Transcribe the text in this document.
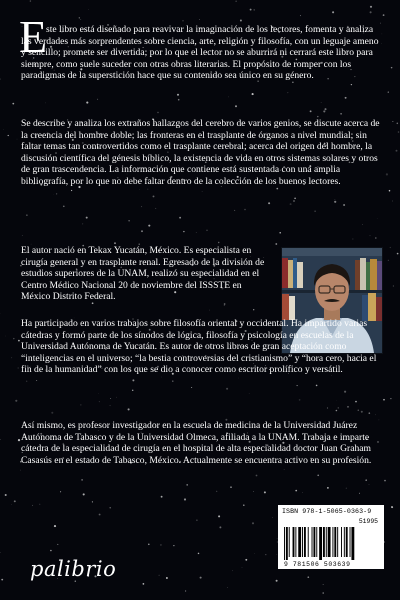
E

ste libro está diseñado para reavivar la imaginación de los lectores, fomenta y analiza las verdades más sorprendentes sobre ciencia, arte, religión y filosofía, con un leguaje ameno y sencillo; promete ser divertida; por lo que el lector no se aburrirá ni cerrará este libro para siempre, como suele suceder con otras obras literarias. El propósito de romper con los paradigmas de la superstición hace que su contenido sea único en su género.

Se describe y analiza los extraños hallazgos del cerebro de varios genios, se discute acerca de la creencia del hombre doble; las fronteras en el trasplante de órganos a nivel mundial; sin faltar temas tan controvertidos como el trasplante cerebral; acerca del origen del hombre, la discusión científica del génesis bíblico, la existencia de vida en otros sistemas solares y otros de gran trascendencia. La información que contiene está sustentada con una amplia bibliografía, por lo que no debe faltar dentro de la colección de los buenos lectores.

El autor nació en Tekax Yucatán, México. Es especialista en cirugía general y en trasplante renal. Egresado de la división de estudios superiores de la UNAM, realizó su especialidad en el Centro Médico Nacional 20 de noviembre del ISSSTE en México Distrito Federal.

Ha participado en varios trabajos sobre filosofía oriental y occidental. Ha impartido varias cátedras y formó parte de los sínodos de lógica, filosofía y psicología en escuelas de la Universidad Autónoma de Yucatán. Es autor de otros libros de gran aceptación como “inteligencias en el universo; “la bestia controversias del cristianismo” y “hora cero, hacia el fin de la humanidad” con los que se dio a conocer como escritor prolífico y versátil.

Así mismo, es profesor investigador en la escuela de medicina de la Universidad Juárez Autónoma de Tabasco y de la Universidad Olmeca, afiliada a la UNAM. Trabaja e imparte cátedra de la especialidad de cirugía en el hospital de alta especialidad doctor Juan Graham Casasús en el estado de Tabasco, México. Actualmente se encuentra activo en su profesión.

ISBN 978-1-5065-0363-9
51995
9 781506 503639
palibrio
